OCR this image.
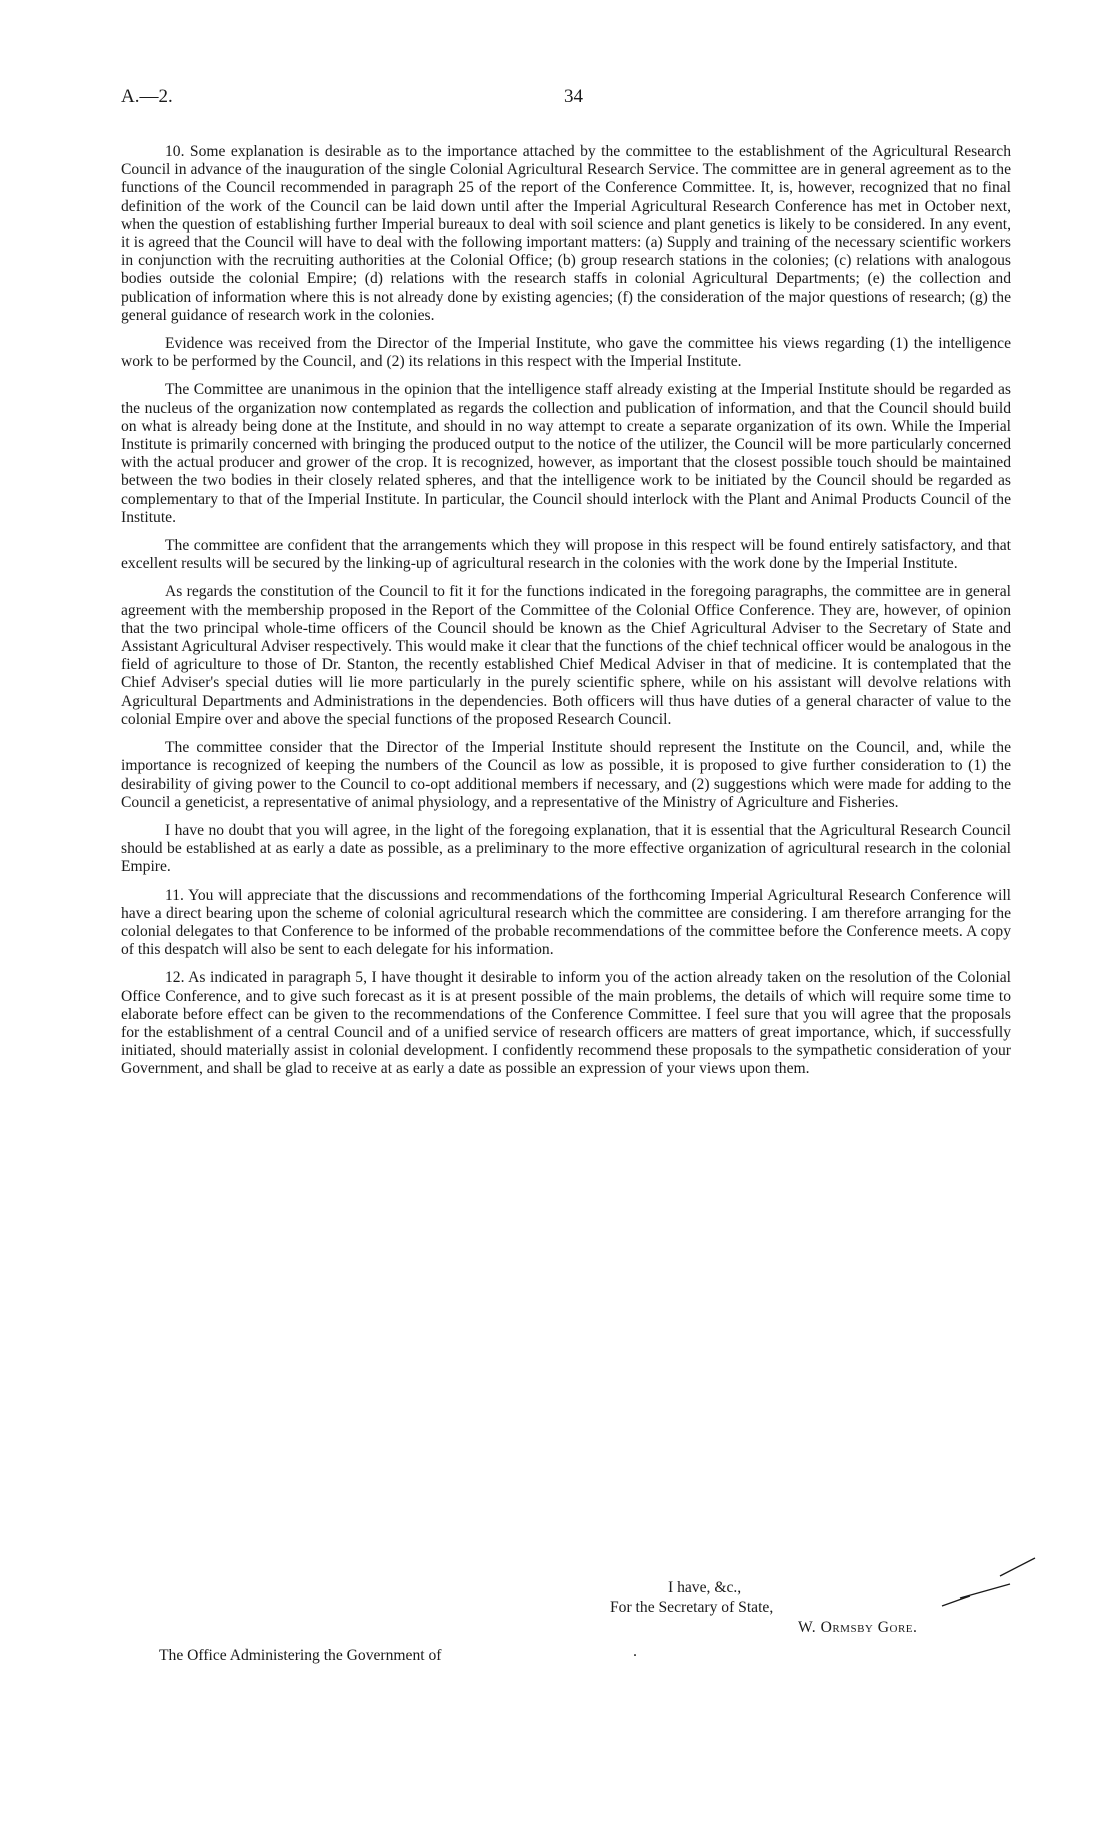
A.—2.	34

10. Some explanation is desirable as to the importance attached by the committee to the establishment of the Agricultural Research Council in advance of the inauguration of the single Colonial Agricultural Research Service. The committee are in general agreement as to the functions of the Council recommended in paragraph 25 of the report of the Conference Committee. It, is, however, recognized that no final definition of the work of the Council can be laid down until after the Imperial Agricultural Research Conference has met in October next, when the question of establishing further Imperial bureaux to deal with soil science and plant genetics is likely to be considered. In any event, it is agreed that the Council will have to deal with the following important matters: (a) Supply and training of the necessary scientific workers in conjunction with the recruiting authorities at the Colonial Office; (b) group research stations in the colonies; (c) relations with analogous bodies outside the colonial Empire; (d) relations with the research staffs in colonial Agricultural Departments; (e) the collection and publication of information where this is not already done by existing agencies; (f) the consideration of the major questions of research; (g) the general guidance of research work in the colonies.

Evidence was received from the Director of the Imperial Institute, who gave the committee his views regarding (1) the intelligence work to be performed by the Council, and (2) its relations in this respect with the Imperial Institute.

The Committee are unanimous in the opinion that the intelligence staff already existing at the Imperial Institute should be regarded as the nucleus of the organization now contemplated as regards the collection and publication of information, and that the Council should build on what is already being done at the Institute, and should in no way attempt to create a separate organization of its own. While the Imperial Institute is primarily concerned with bringing the produced output to the notice of the utilizer, the Council will be more particularly concerned with the actual producer and grower of the crop. It is recognized, however, as important that the closest possible touch should be maintained between the two bodies in their closely related spheres, and that the intelligence work to be initiated by the Council should be regarded as complementary to that of the Imperial Institute. In particular, the Council should interlock with the Plant and Animal Products Council of the Institute.

The committee are confident that the arrangements which they will propose in this respect will be found entirely satisfactory, and that excellent results will be secured by the linking-up of agricultural research in the colonies with the work done by the Imperial Institute.

As regards the constitution of the Council to fit it for the functions indicated in the foregoing paragraphs, the committee are in general agreement with the membership proposed in the Report of the Committee of the Colonial Office Conference. They are, however, of opinion that the two principal whole-time officers of the Council should be known as the Chief Agricultural Adviser to the Secretary of State and Assistant Agricultural Adviser respectively. This would make it clear that the functions of the chief technical officer would be analogous in the field of agriculture to those of Dr. Stanton, the recently established Chief Medical Adviser in that of medicine. It is contemplated that the Chief Adviser's special duties will lie more particularly in the purely scientific sphere, while on his assistant will devolve relations with Agricultural Departments and Administrations in the dependencies. Both officers will thus have duties of a general character of value to the colonial Empire over and above the special functions of the proposed Research Council.

The committee consider that the Director of the Imperial Institute should represent the Institute on the Council, and, while the importance is recognized of keeping the numbers of the Council as low as possible, it is proposed to give further consideration to (1) the desirability of giving power to the Council to co-opt additional members if necessary, and (2) suggestions which were made for adding to the Council a geneticist, a representative of animal physiology, and a representative of the Ministry of Agriculture and Fisheries.

I have no doubt that you will agree, in the light of the foregoing explanation, that it is essential that the Agricultural Research Council should be established at as early a date as possible, as a preliminary to the more effective organization of agricultural research in the colonial Empire.

11. You will appreciate that the discussions and recommendations of the forthcoming Imperial Agricultural Research Conference will have a direct bearing upon the scheme of colonial agricultural research which the committee are considering. I am therefore arranging for the colonial delegates to that Conference to be informed of the probable recommendations of the committee before the Conference meets. A copy of this despatch will also be sent to each delegate for his information.

12. As indicated in paragraph 5, I have thought it desirable to inform you of the action already taken on the resolution of the Colonial Office Conference, and to give such forecast as it is at present possible of the main problems, the details of which will require some time to elaborate before effect can be given to the recommendations of the Conference Committee. I feel sure that you will agree that the proposals for the establishment of a central Council and of a unified service of research officers are matters of great importance, which, if successfully initiated, should materially assist in colonial development. I confidently recommend these proposals to the sympathetic consideration of your Government, and shall be glad to receive at as early a date as possible an expression of your views upon them.

I have, &c.,
For the Secretary of State,
W. Ormsby Gore.
The Office Administering the Government of	.
